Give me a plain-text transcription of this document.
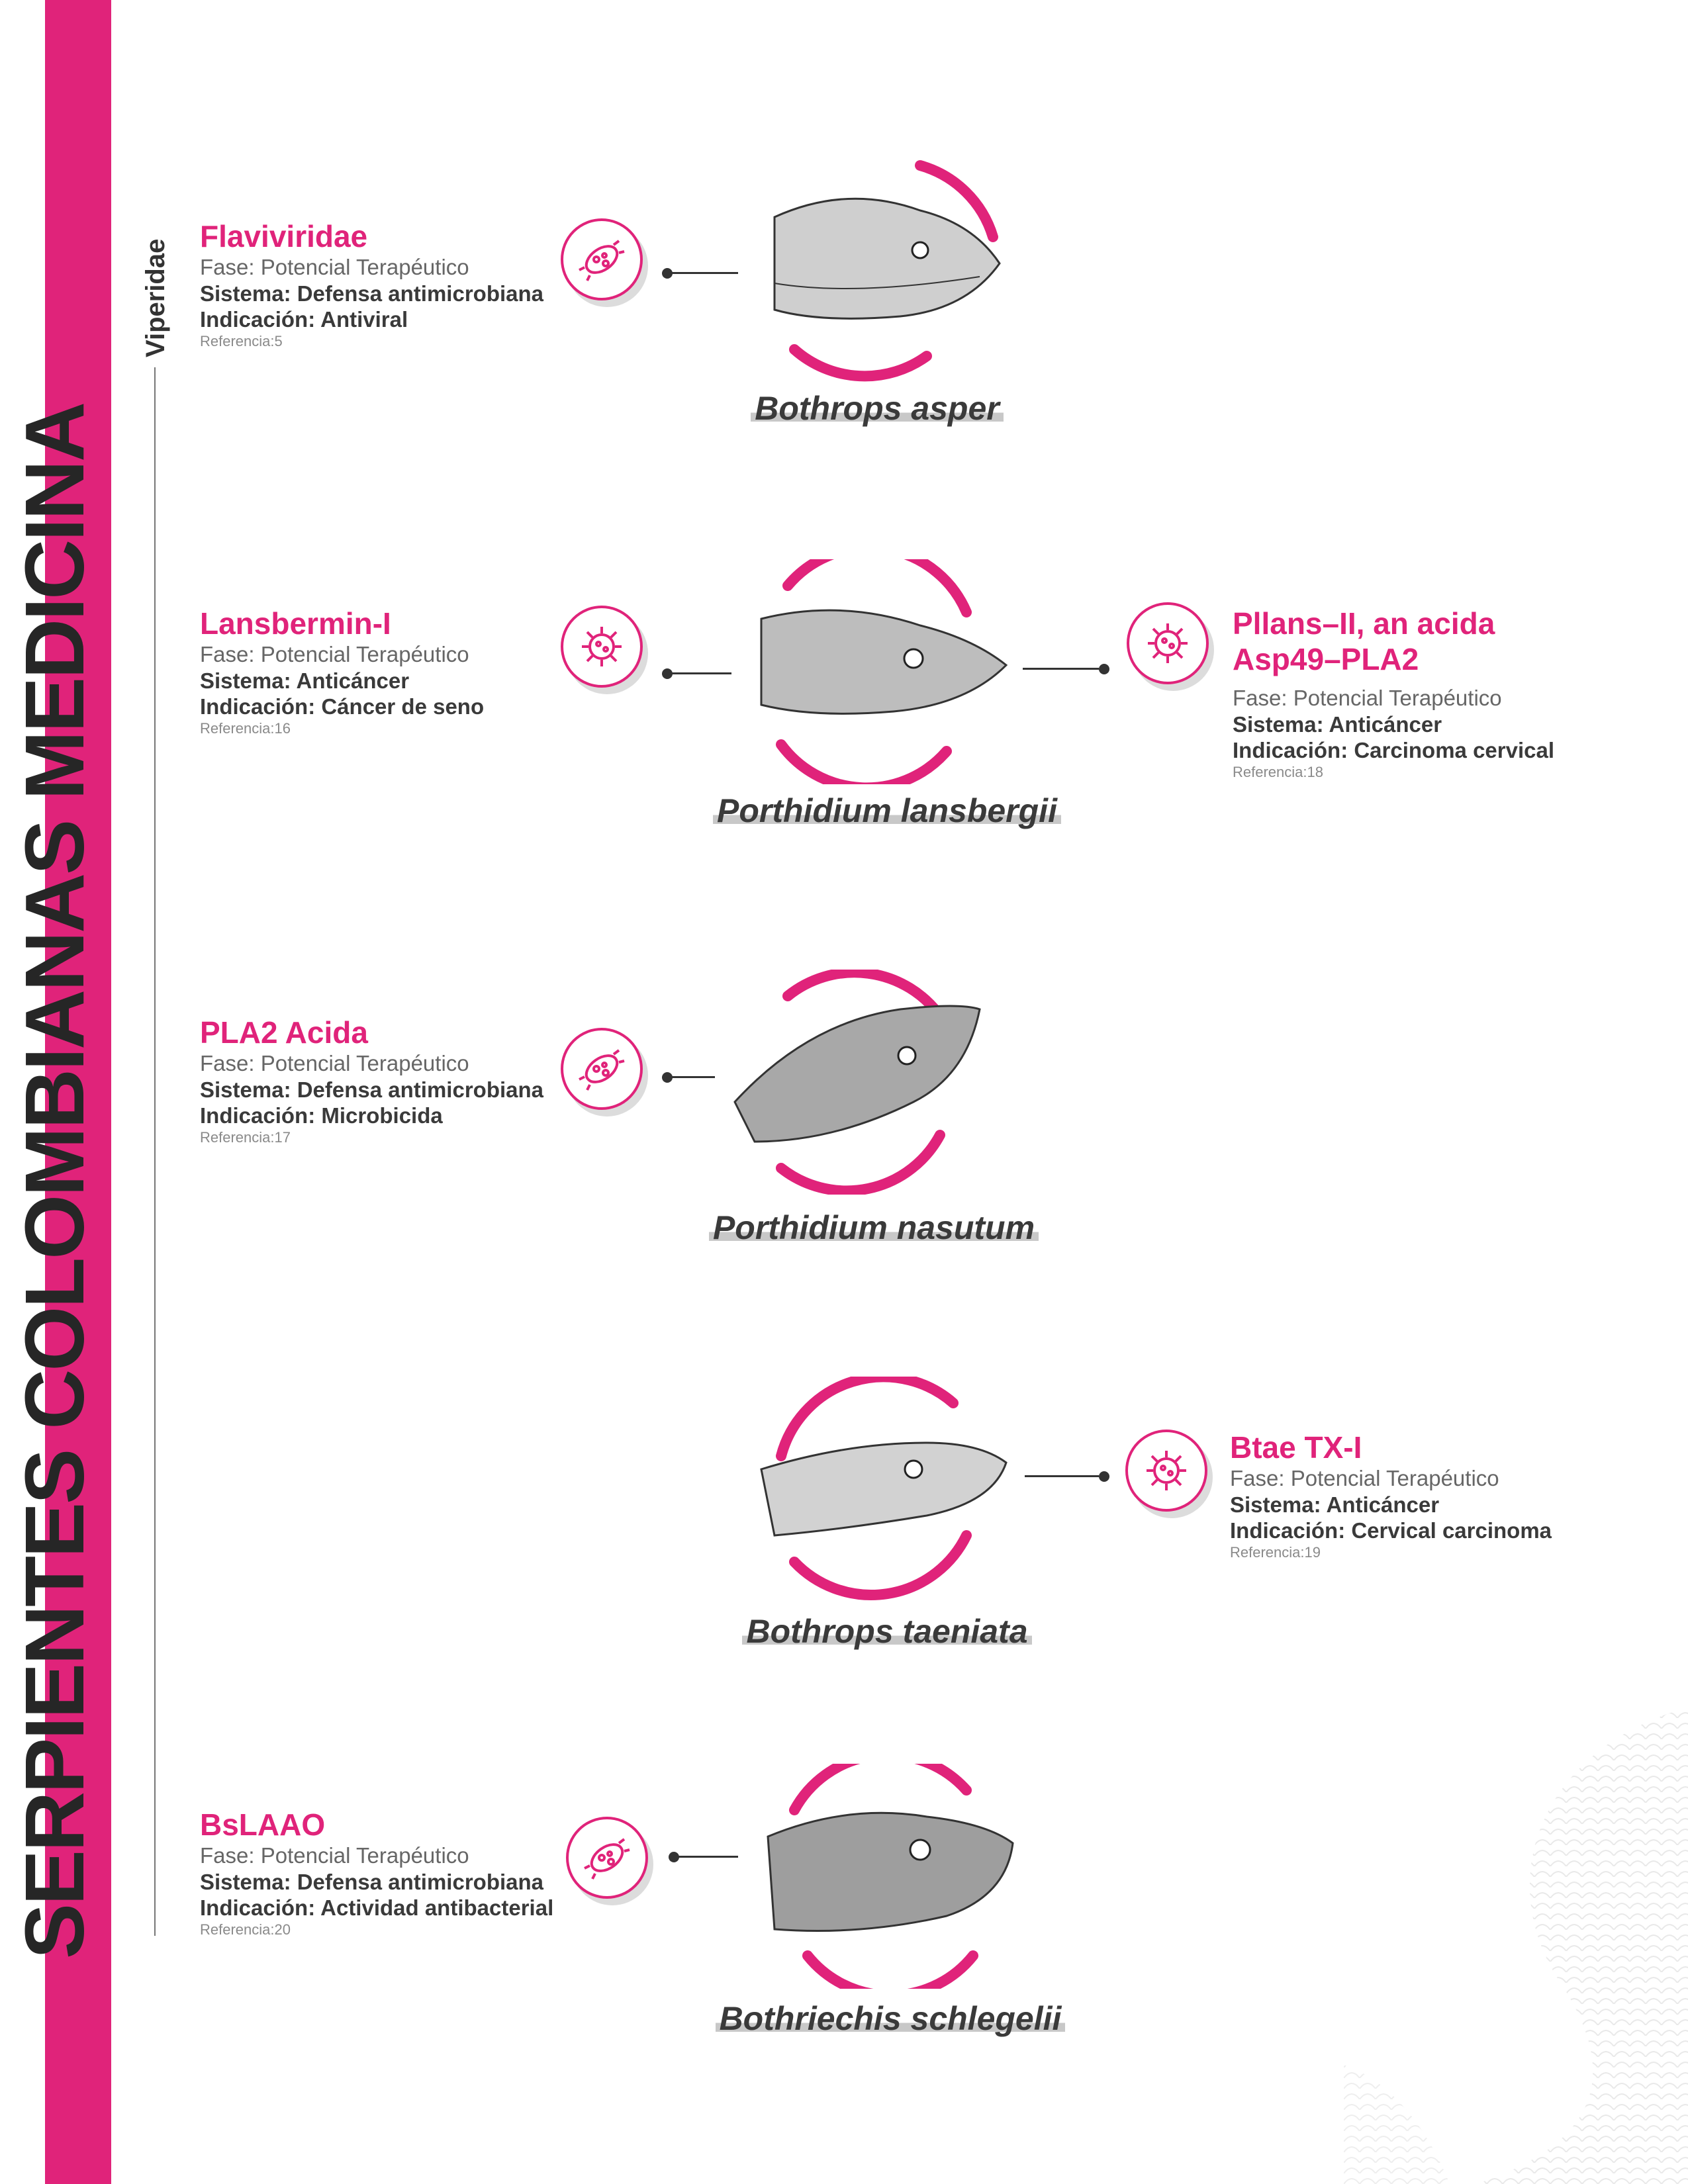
SERPIENTES COLOMBIANAS MEDICINA
Viperidae
Flaviviridae
Fase: Potencial Terapéutico
Sistema: Defensa antimicrobiana
Indicación: Antiviral
Referencia:5
Bothrops asper
Lansbermin-I
Fase: Potencial Terapéutico
Sistema: Anticáncer
Indicación: Cáncer de seno
Referencia:16
Porthidium lansbergii
Pllans–II, an acida
Asp49–PLA2
Fase: Potencial Terapéutico
Sistema: Anticáncer
Indicación: Carcinoma cervical
Referencia:18
PLA2 Acida
Fase: Potencial Terapéutico
Sistema: Defensa antimicrobiana
Indicación: Microbicida
Referencia:17
Porthidium nasutum
Bothrops taeniata
Btae TX-I
Fase: Potencial Terapéutico
Sistema: Anticáncer
Indicación: Cervical carcinoma
Referencia:19
BsLAAO
Fase: Potencial Terapéutico
Sistema: Defensa antimicrobiana
Indicación: Actividad antibacterial
Referencia:20
Bothriechis schlegelii
